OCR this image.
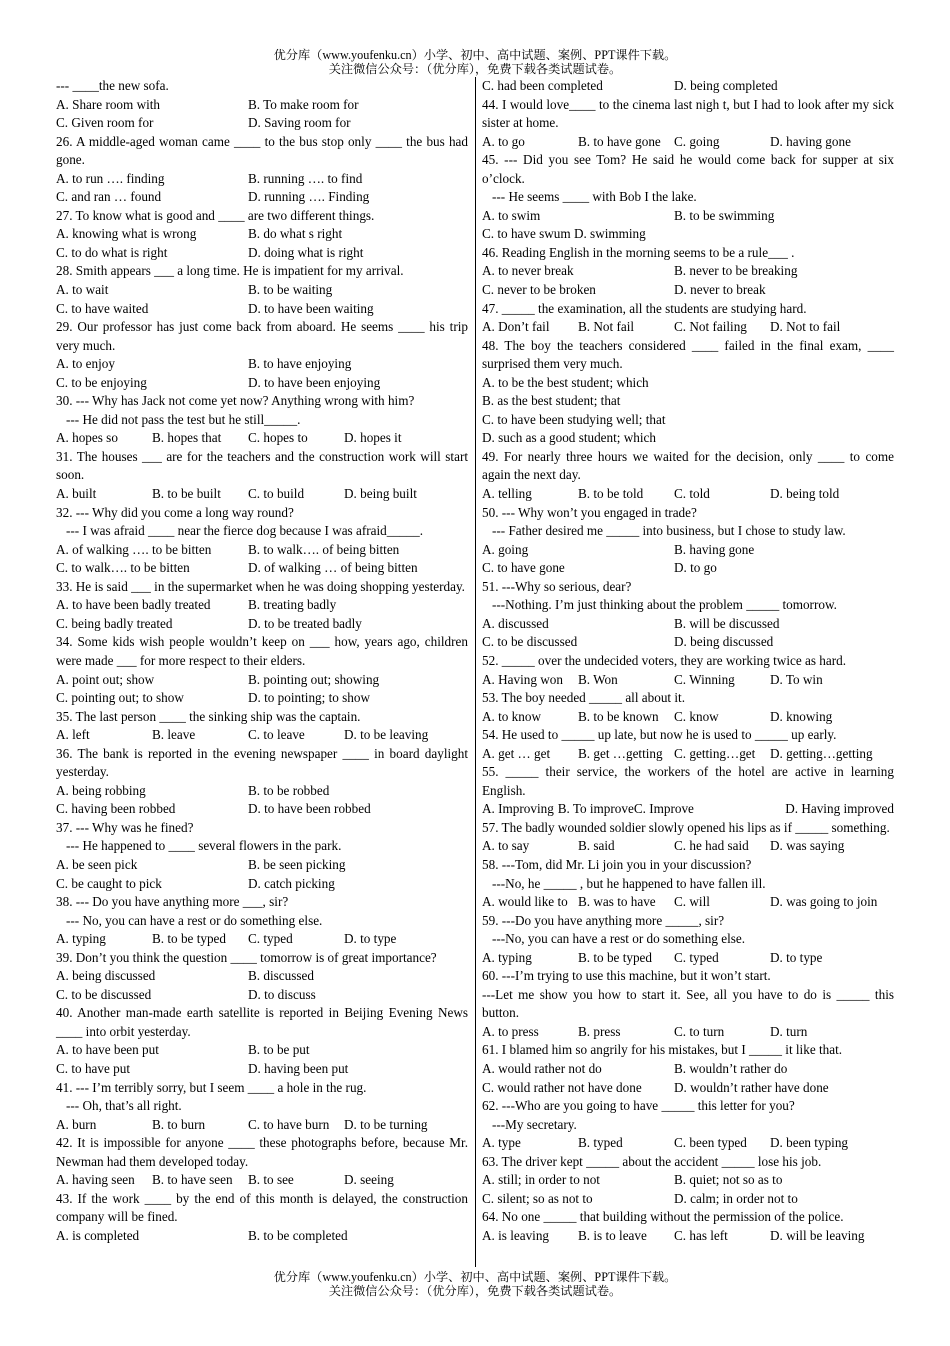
优分库（www.youfenku.cn）小学、初中、高中试题、案例、PPT课件下载。
关注微信公众号：（优分库），免费下载各类试题试卷。
--- ____the new sofa.
A. Share room with	B. To make room for
C. Given room for	D. Saving room for
26. A middle-aged woman came ____ to the bus stop only ____ the bus had gone.
A. to run …. finding	B. running …. to find
C. and ran … found	D. running …. Finding
27. To know what is good and ____ are two different things.
A. knowing what is wrong	B. do what s right
C. to do what is right	D. doing what is right
28. Smith appears ___ a long time. He is impatient for my arrival.
A. to wait	B. to be waiting
C. to have waited	D. to have been waiting
29. Our professor has just come back from aboard. He seems ____ his trip very much.
A. to enjoy	B. to have enjoying
C. to be enjoying	D. to have been enjoying
30. --- Why has Jack not come yet now? Anything wrong with him?
--- He did not pass the test but he still_____.
A. hopes so	B. hopes that	C. hopes to	D. hopes it
31. The houses ___ are for the teachers and the construction work will start soon.
A. built	B. to be built	C. to build	D. being built
32. --- Why did you come a long way round?
--- I was afraid ____ near the fierce dog because I was afraid_____.
A. of walking …. to be bitten	B. to walk…. of being bitten
C. to walk…. to be bitten	D. of walking … of being bitten
33. He is said ___ in the supermarket when he was doing shopping yesterday.
A. to have been badly treated	B. treating badly
C. being badly treated	D. to be treated badly
34. Some kids wish people wouldn’t keep on ___ how, years ago, children were made ___ for more respect to their elders.
A. point out; show	B. pointing out; showing
C. pointing out; to show	D. to pointing; to show
35. The last person ____ the sinking ship was the captain.
A. left	B. leave	C. to leave	D. to be leaving
36. The bank is reported in the evening newspaper ____ in board daylight yesterday.
A. being robbing	B. to be robbed
C. having been robbed	D. to have been robbed
37. --- Why was he fined?
--- He happened to ____ several flowers in the park.
A. be seen pick	B. be seen picking
C. be caught to pick	D. catch picking
38. --- Do you have anything more ___, sir?
--- No, you can have a rest or do something else.
A. typing	B. to be typed	C. typed	D. to type
39. Don’t you think the question ____ tomorrow is of great importance?
A. being discussed	B. discussed
C. to be discussed	D. to discuss
40. Another man-made earth satellite is reported in Beijing Evening News ____ into orbit yesterday.
A. to have been put	B. to be put
C. to have put	D. having been put
41. --- I’m terribly sorry, but I seem ____ a hole in the rug.
--- Oh, that’s all right.
A. burn	B. to burn	C. to have burn	D. to be turning
42. It is impossible for anyone ____ these photographs before, because Mr. Newman had them developed today.
A. having seen	B. to have seen	B. to see	D. seeing
43. If the work ____ by the end of this month is delayed, the construction company will be fined.
A. is completed	B. to be completed
C. had been completed	D. being completed
44. I would love____ to the cinema last nigh t, but I had to look after my sick sister at home.
A. to go	B. to have gone	C. going	D. having gone
45. --- Did you see Tom? He said he would come back for supper at six o’clock.
--- He seems ____ with Bob I the lake.
A. to swim	B. to be swimming
C. to have swum D. swimming
46. Reading English in the morning seems to be a rule___ .
A. to never break	B. never to be breaking
C. never to be broken	D. never to break
47. _____ the examination, all the students are studying hard.
A. Don’t fail	B. Not fail	C. Not failing	D. Not to fail
48. The boy the teachers considered ____ failed in the final exam, ____ surprised them very much.
A. to be the best student; which
B. as the best student; that
C. to have been studying well; that
D. such as a good student; which
49. For nearly three hours we waited for the decision, only ____ to come again the next day.
A. telling	B. to be told	C. told	D. being told
50. --- Why won’t you engaged in trade?
--- Father desired me _____ into business, but I chose to study law.
A. going	B. having gone
C. to have gone	D. to go
51. ---Why so serious, dear?
---Nothing. I’m just thinking about the problem _____ tomorrow.
A. discussed	B. will be discussed
C. to be discussed	D. being discussed
52. _____ over the undecided voters, they are working twice as hard.
A. Having won	B. Won	C. Winning	D. To win
53. The boy needed _____ all about it.
A. to know	B. to be known	C. know	D. knowing
54. He used to _____ up late, but now he is used to _____ up early.
A. get … get	B. get …getting C. getting…get	D. getting…getting
55. _____ their service, the workers of the hotel are active in learning English.
A. Improving B. To improve C. Improve	D. Having improved
57. The badly wounded soldier slowly opened his lips as if _____ something.
A. to say	B. said	C. he had said	D. was saying
58. ---Tom, did Mr. Li join you in your discussion?
---No, he _____ , but he happened to have fallen ill.
A. would like to B. was to have	C. will	D. was going to join
59. ---Do you have anything more _____, sir?
---No, you can have a rest or do something else.
A. typing	B. to be typed	C. typed	D. to type
60. ---I’m trying to use this machine, but it won’t start.
---Let me show you how to start it. See, all you have to do is _____ this button.
A. to press	B. press	C. to turn	D. turn
61. I blamed him so angrily for his mistakes, but I _____ it like that.
A. would rather not do	B. wouldn’t rather do
C. would rather not have done	D. wouldn’t rather have done
62. ---Who are you going to have _____ this letter for you?
---My secretary.
A. type	B. typed	C. been typed	D. been typing
63. The driver kept _____ about the accident _____ lose his job.
A. still; in order to not	B. quiet; not so as to
C. silent; so as not to	D. calm; in order not to
64. No one _____ that building without the permission of the police.
A. is leaving	B. is to leave	C. has left	D. will be leaving
优分库（www.youfenku.cn）小学、初中、高中试题、案例、PPT课件下载。
关注微信公众号：（优分库），免费下载各类试题试卷。
